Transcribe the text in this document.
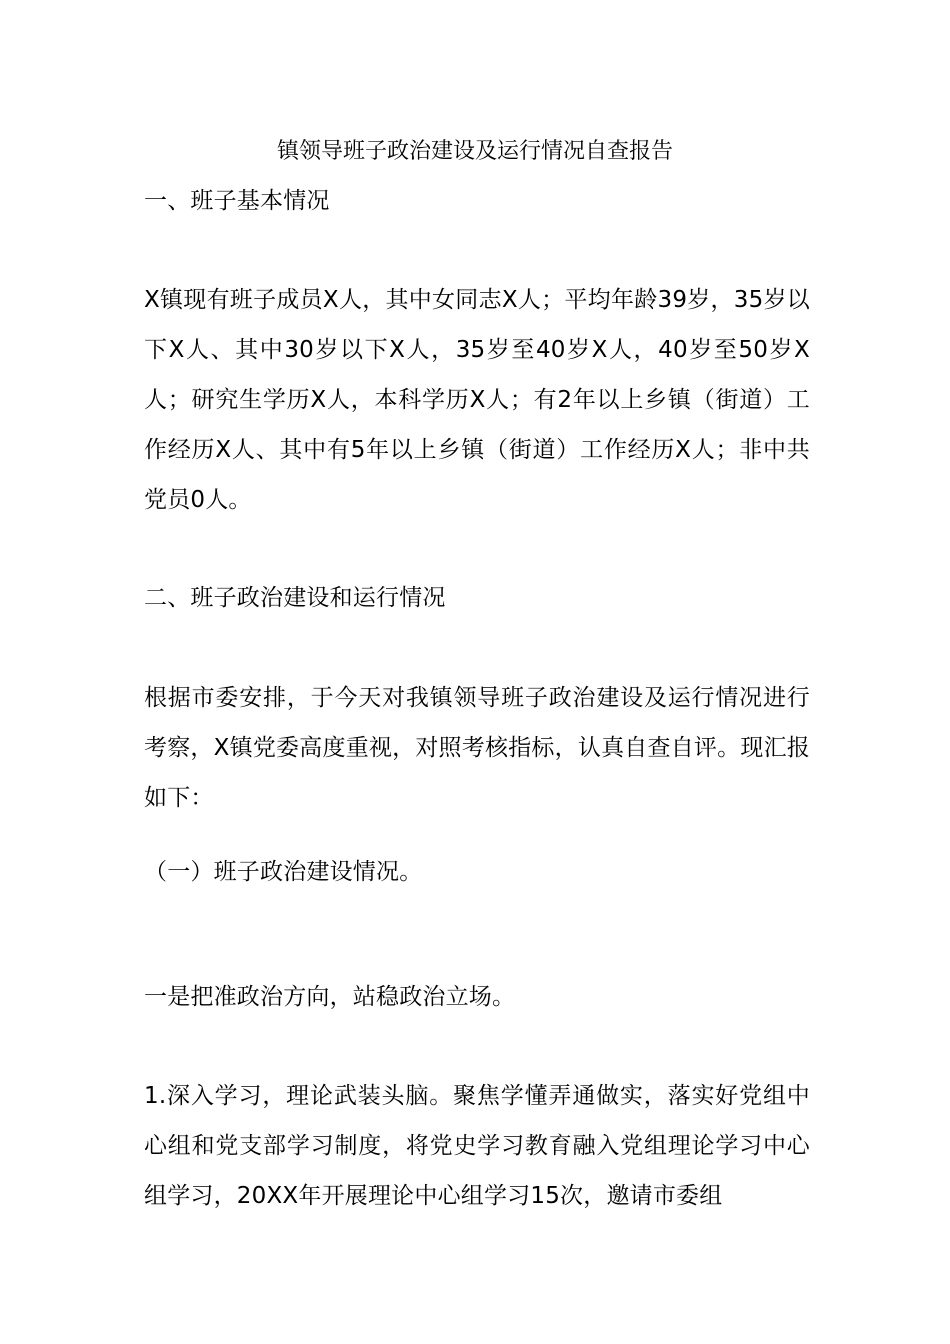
镇领导班子政治建设及运行情况自查报告

一、班子基本情况

X镇现有班子成员X人，其中女同志X人；平均年龄39岁，35岁以下X人、其中30岁以下X人，35岁至40岁X人，40岁至50岁X人；研究生学历X人，本科学历X人；有2年以上乡镇（街道）工作经历X人、其中有5年以上乡镇（街道）工作经历X人；非中共党员0人。

二、班子政治建设和运行情况

根据市委安排，于今天对我镇领导班子政治建设及运行情况进行考察，X镇党委高度重视，对照考核指标，认真自查自评。现汇报如下：

（一）班子政治建设情况。

一是把准政治方向，站稳政治立场。

1.深入学习，理论武装头脑。聚焦学懂弄通做实，落实好党组中心组和党支部学习制度，将党史学习教育融入党组理论学习中心组学习，20XX年开展理论中心组学习15次，邀请市委组
